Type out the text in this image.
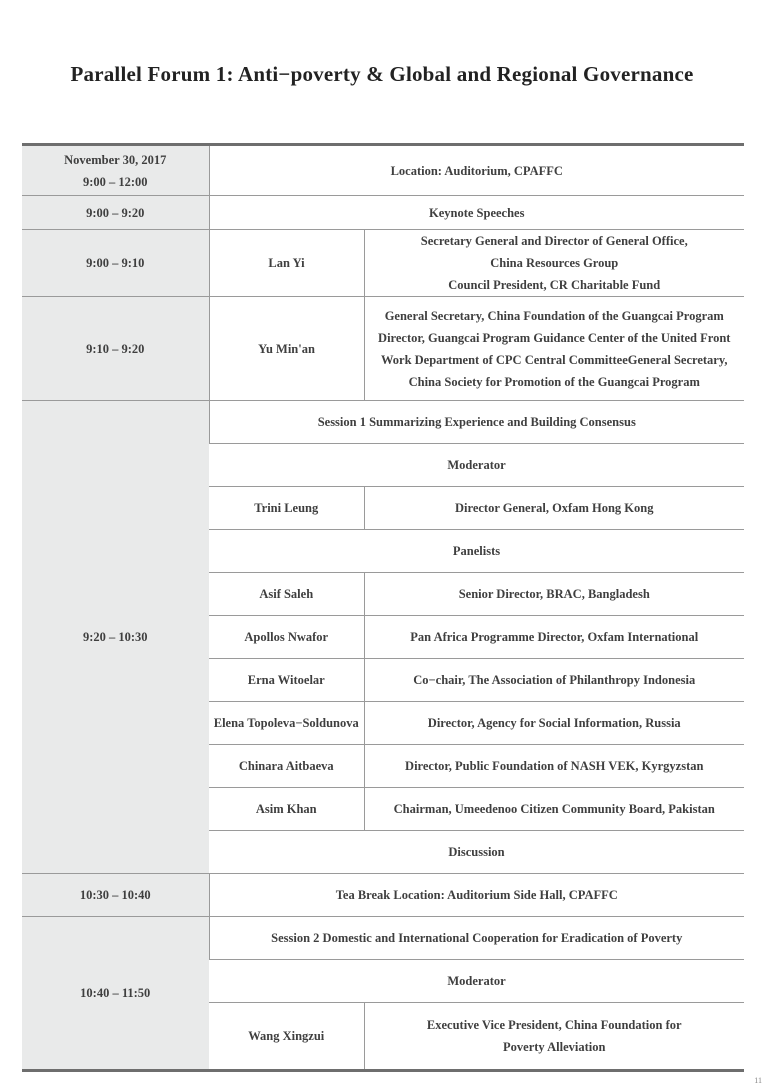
Parallel Forum 1: Anti−poverty & Global and Regional Governance
November 30, 2017
9:00 – 12:00	Location: Auditorium, CPAFFC	
9:00 – 9:20	Keynote Speeches	
9:00 – 9:10	Lan Yi	Secretary General and Director of General Office,
China Resources Group
Council President, CR Charitable Fund

9:10 – 9:20	Yu Min'an	General Secretary, China Foundation of the Guangcai Program
Director, Guangcai Program Guidance Center of the United Front
Work Department of CPC Central CommitteeGeneral Secretary,
China Society for Promotion of the Guangcai Program

9:20 – 10:30	Session 1 Summarizing Experience and Building Consensus	
	Moderator	
	Trini Leung	Director General, Oxfam Hong Kong
	Panelists	
	Asif Saleh	Senior Director, BRAC, Bangladesh
	Apollos Nwafor	Pan Africa Programme Director, Oxfam International
	Erna Witoelar	Co−chair, The Association of Philanthropy Indonesia
	Elena Topoleva−Soldunova	Director, Agency for Social Information, Russia
	Chinara Aitbaeva	Director, Public Foundation of NASH VEK, Kyrgyzstan
	Asim Khan	Chairman, Umeedenoo Citizen Community Board, Pakistan
	Discussion	
10:30 – 10:40	Tea Break Location: Auditorium Side Hall, CPAFFC	
10:40 – 11:50	Session 2 Domestic and International Cooperation for Eradication of Poverty	
	Moderator	
	Wang Xingzui	Executive Vice President, China Foundation for
Poverty Alleviation
11
